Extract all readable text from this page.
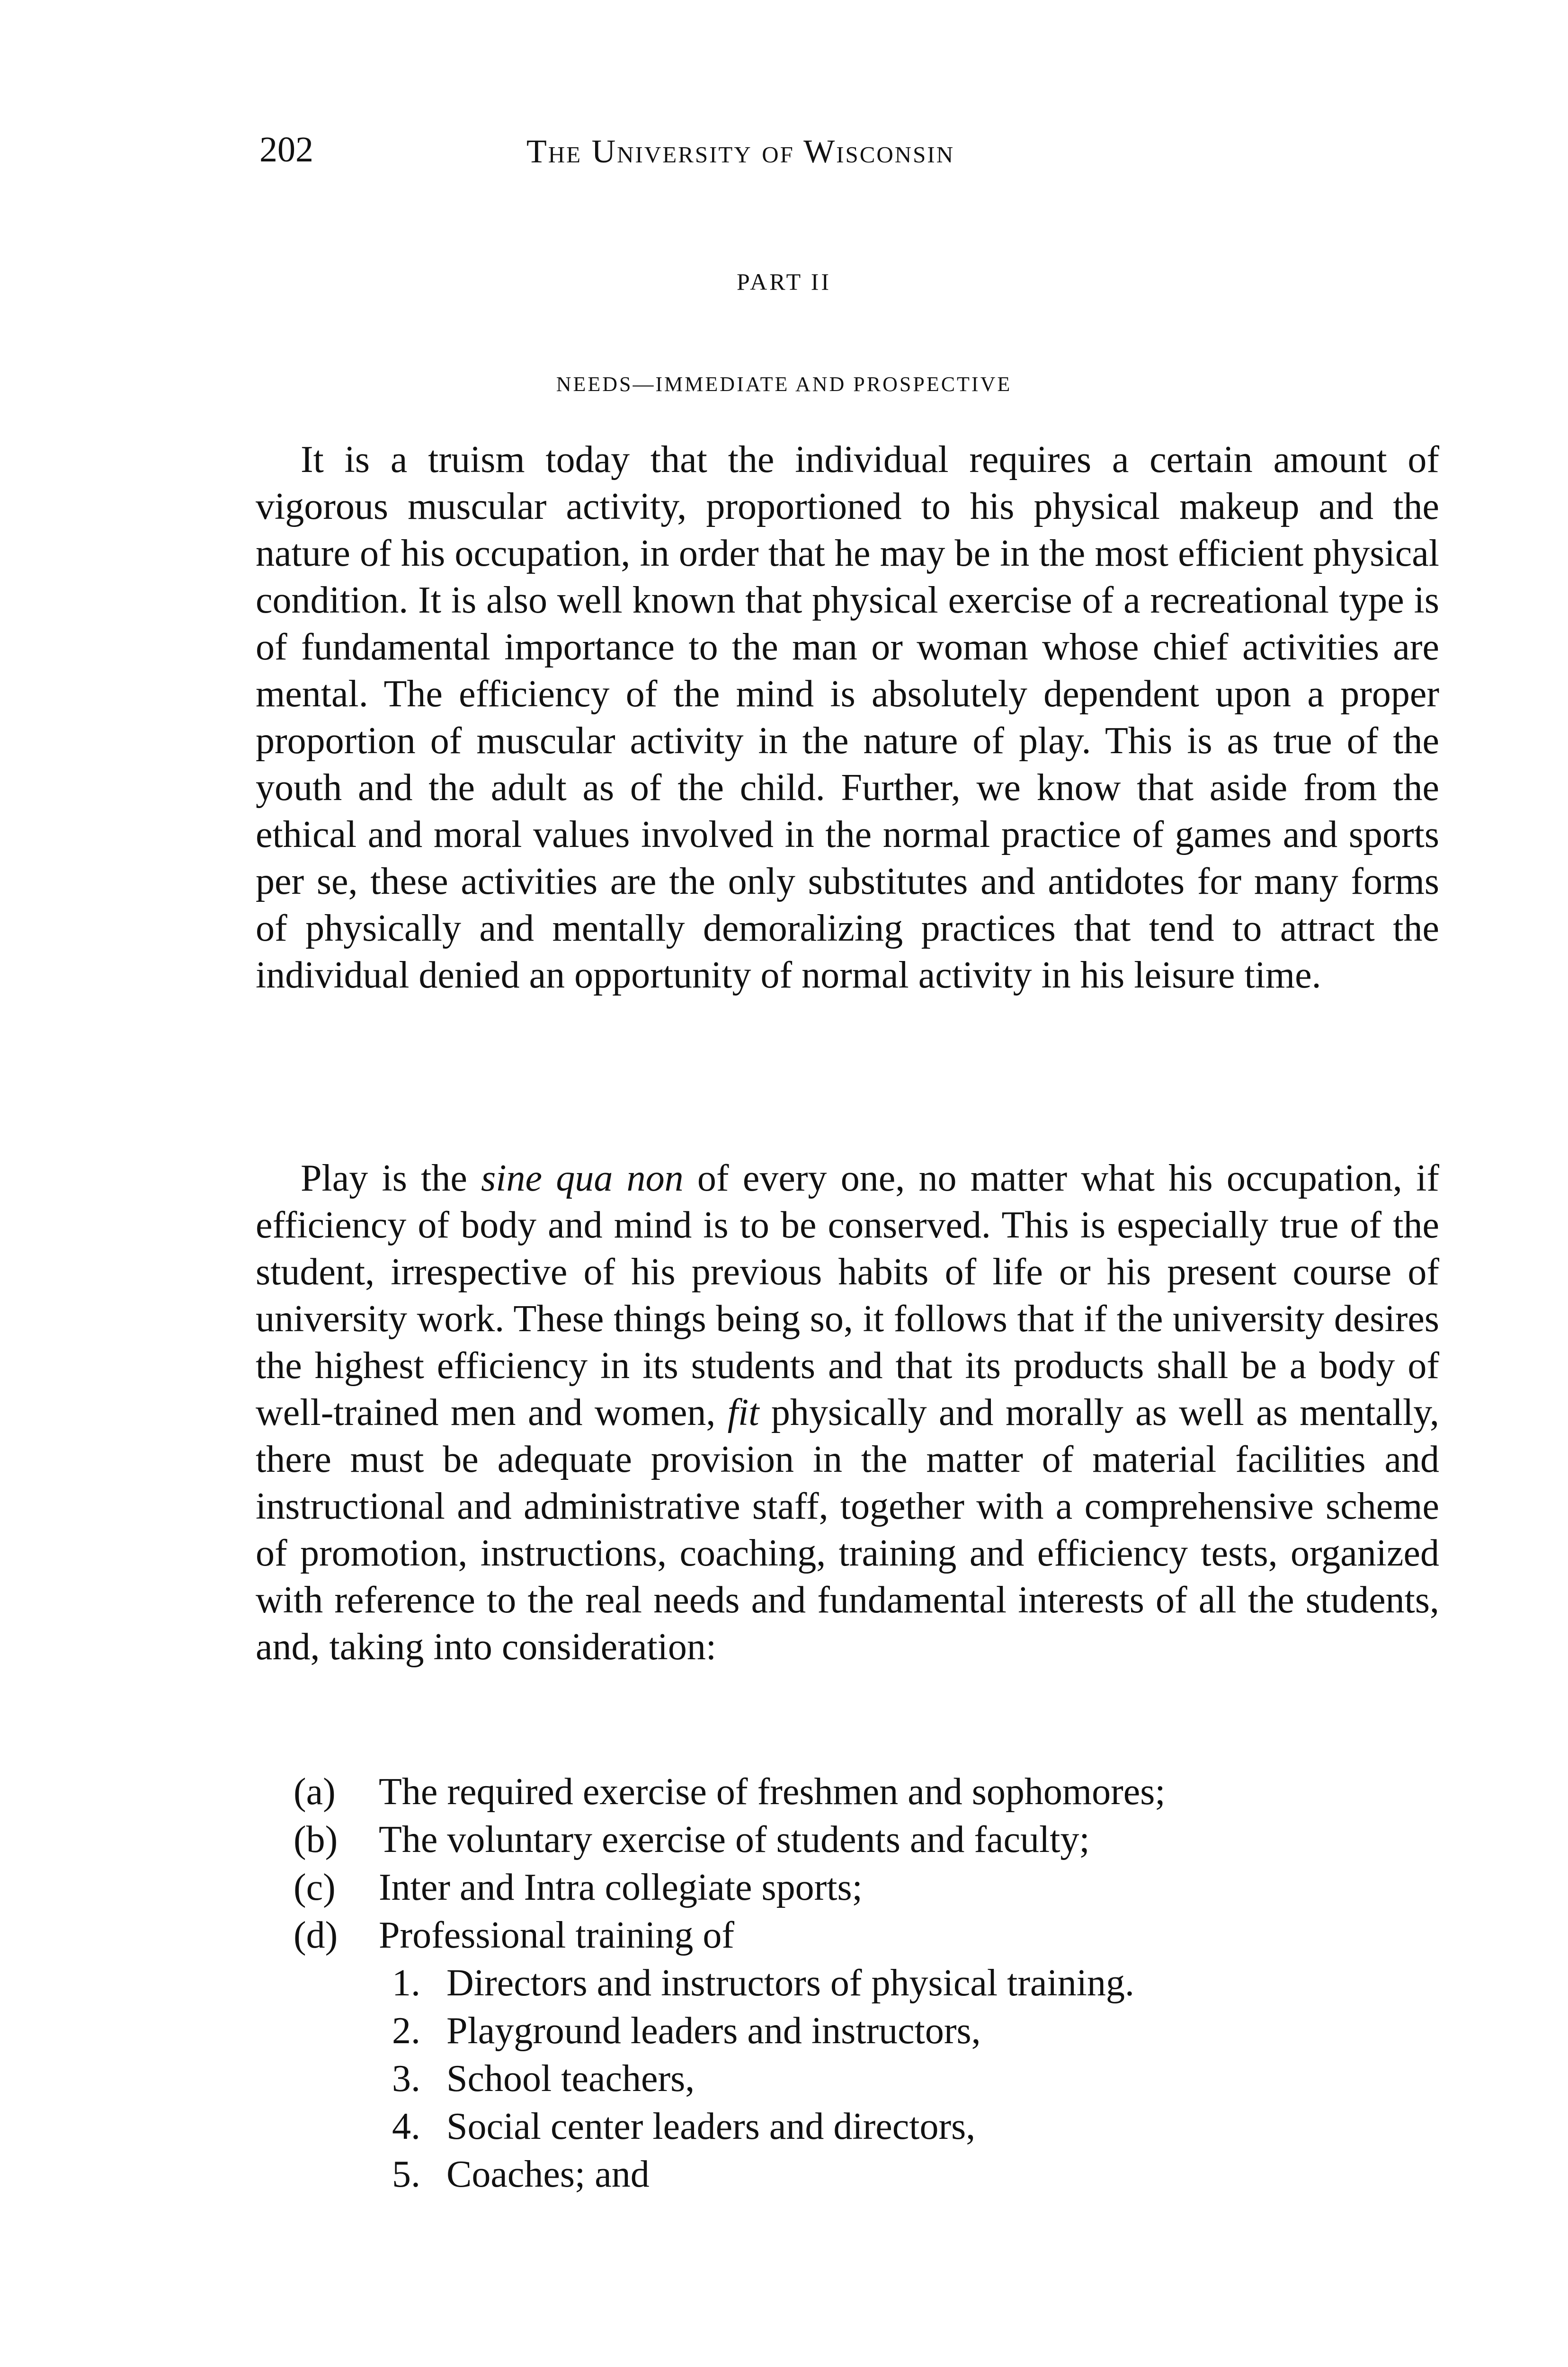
202	The University of Wisconsin
PART II
NEEDS—IMMEDIATE AND PROSPECTIVE

It is a truism today that the individual requires a certain amount of vigorous muscular activity, proportioned to his physical makeup and the nature of his occupation, in order that he may be in the most efficient physical condition. It is also well known that physical exercise of a recreational type is of fundamental importance to the man or woman whose chief activities are mental. The efficiency of the mind is absolutely dependent upon a proper proportion of muscular activity in the nature of play. This is as true of the youth and the adult as of the child. Further, we know that aside from the ethical and moral values involved in the normal practice of games and sports per se, these activities are the only substitutes and antidotes for many forms of physically and mentally demoralizing practices that tend to attract the individual denied an opportunity of normal activity in his leisure time.

Play is the sine qua non of every one, no matter what his occupation, if efficiency of body and mind is to be conserved. This is especially true of the student, irrespective of his previous habits of life or his present course of university work. These things being so, it follows that if the university desires the highest efficiency in its students and that its products shall be a body of well-trained men and women, fit physically and morally as well as mentally, there must be adequate provision in the matter of material facilities and instructional and administrative staff, together with a comprehensive scheme of promotion, instructions, coaching, training and efficiency tests, organized with reference to the real needs and fundamental interests of all the students, and, taking into consideration:

(a) The required exercise of freshmen and sophomores;
(b) The voluntary exercise of students and faculty;
(c) Inter and Intra collegiate sports;
(d) Professional training of
1. Directors and instructors of physical training.
2. Playground leaders and instructors,
3. School teachers,
4. Social center leaders and directors,
5. Coaches; and
